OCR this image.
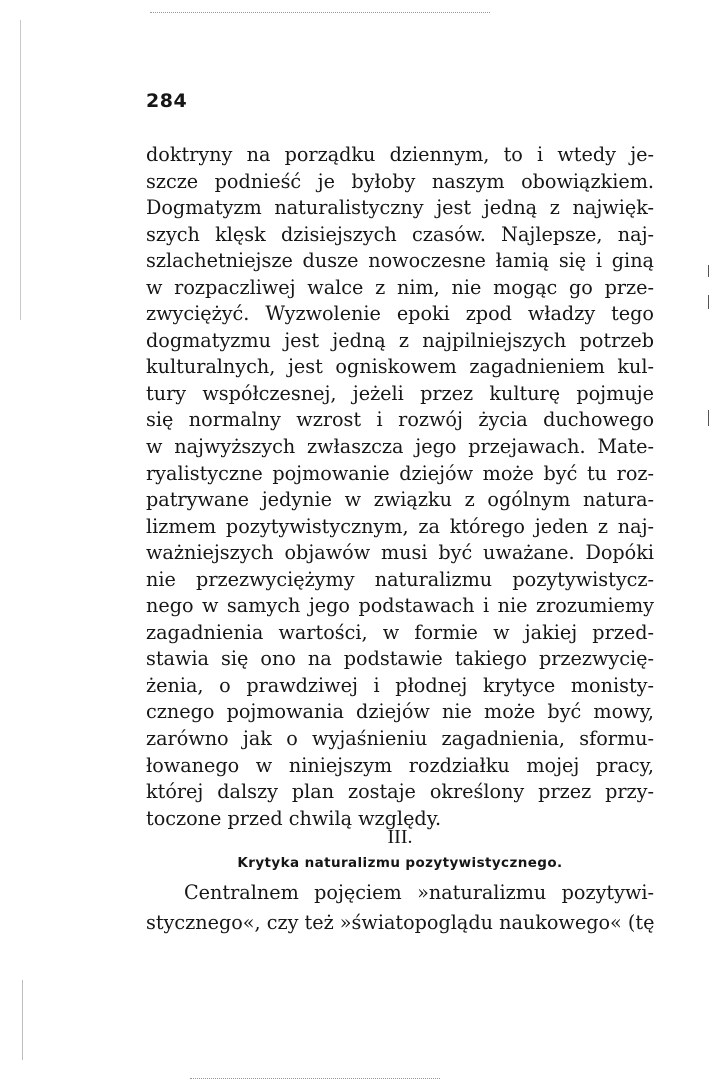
284
doktryny na porządku dziennym, to i wtedy je-
szcze podnieść je byłoby naszym obowiązkiem.
Dogmatyzm naturalistyczny jest jedną z najwięk-
szych klęsk dzisiejszych czasów. Najlepsze, naj-
szlachetniejsze dusze nowoczesne łamią się i giną
w rozpaczliwej walce z nim, nie mogąc go prze-
zwyciężyć. Wyzwolenie epoki zpod władzy tego
dogmatyzmu jest jedną z najpilniejszych potrzeb
kulturalnych, jest ogniskowem zagadnieniem kul-
tury współczesnej, jeżeli przez kulturę pojmuje
się normalny wzrost i rozwój życia duchowego
w najwyższych zwłaszcza jego przejawach. Mate-
ryalistyczne pojmowanie dziejów może być tu roz-
patrywane jedynie w związku z ogólnym natura-
lizmem pozytywistycznym, za którego jeden z naj-
ważniejszych objawów musi być uważane. Dopóki
nie przezwyciężymy naturalizmu pozytywistycz-
nego w samych jego podstawach i nie zrozumiemy
zagadnienia wartości, w formie w jakiej przed-
stawia się ono na podstawie takiego przezwycię-
żenia, o prawdziwej i płodnej krytyce monisty-
cznego pojmowania dziejów nie może być mowy,
zarówno jak o wyjaśnieniu zagadnienia, sformu-
łowanego w niniejszym rozdziałku mojej pracy,
której dalszy plan zostaje określony przez przy-
toczone przed chwilą względy.
III.
Krytyka naturalizmu pozytywistycznego.
Centralnem pojęciem »naturalizmu pozytywi-
stycznego«, czy też »światopoglądu naukowego« (tę
